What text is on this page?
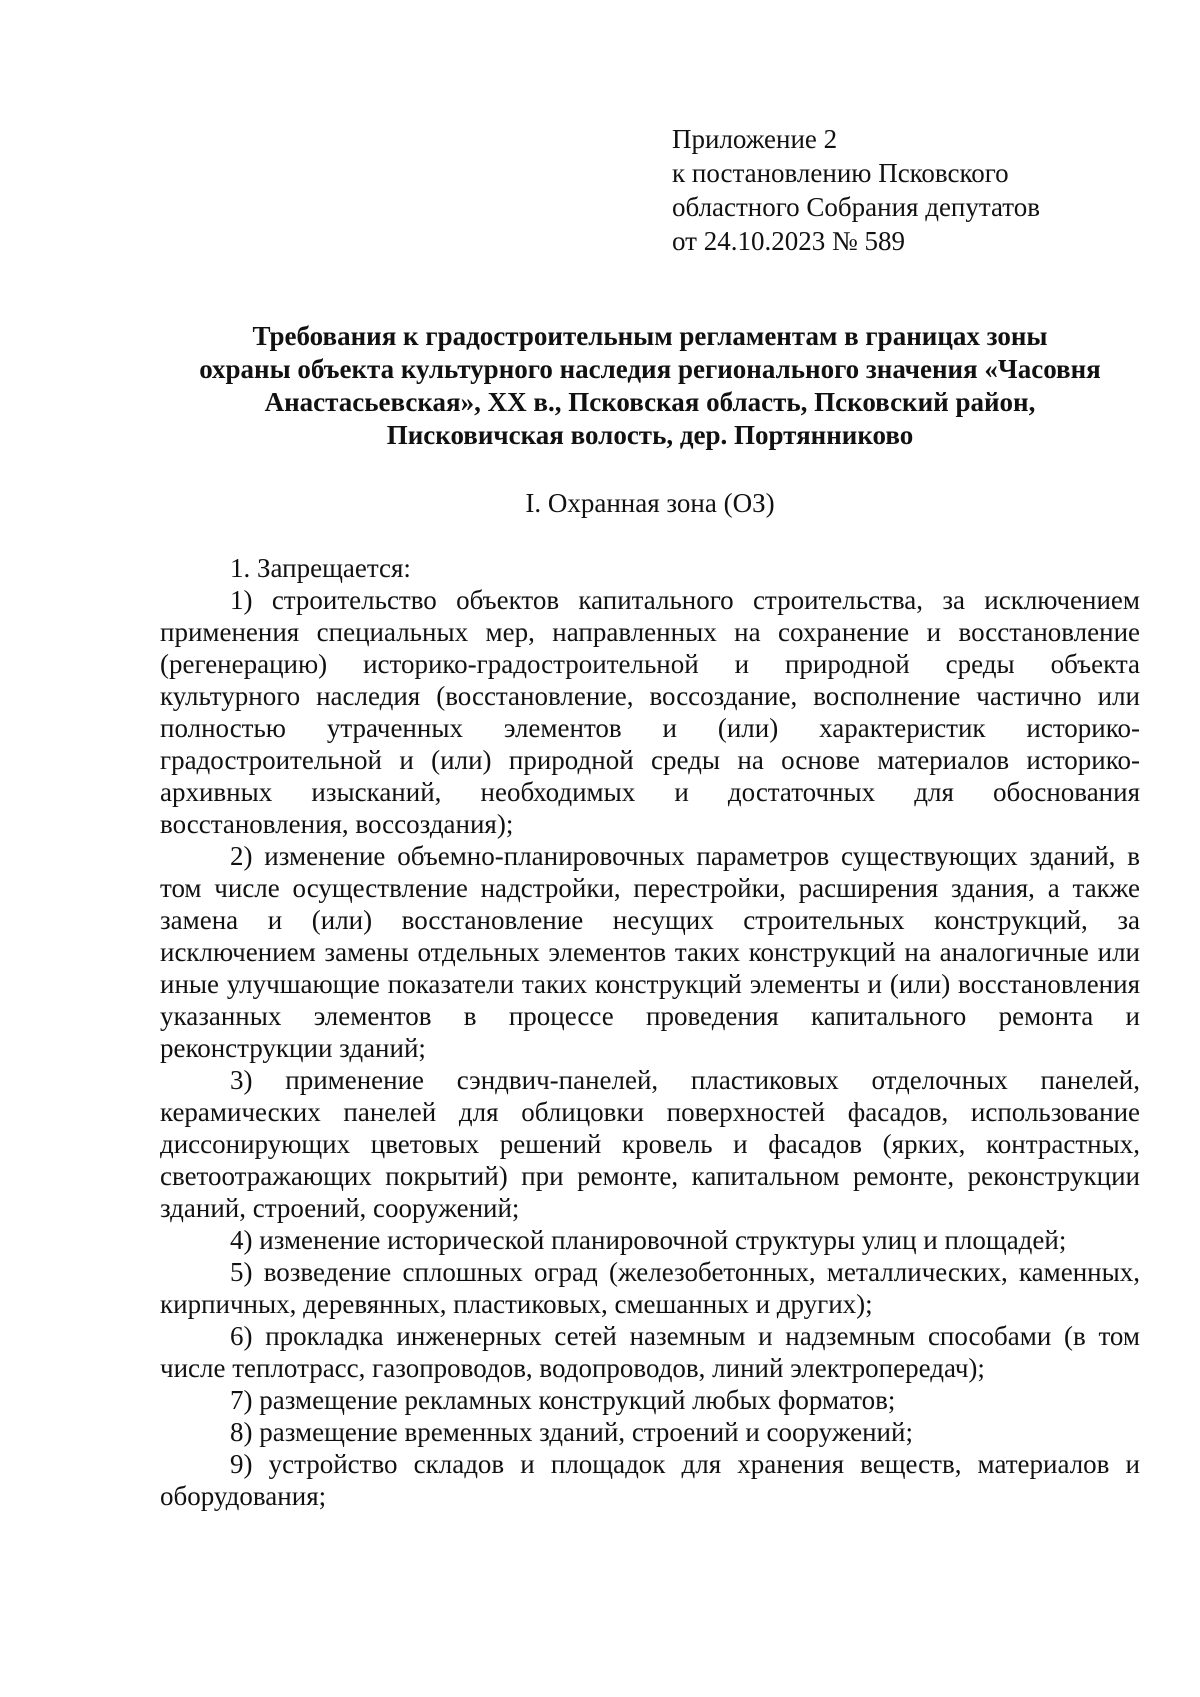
Приложение 2
к постановлению Псковского
областного Собрания депутатов
от 24.10.2023 № 589
Требования к градостроительным регламентам в границах зоны
охраны объекта культурного наследия регионального значения «Часовня
Анастасьевская», XX в., Псковская область, Псковский район,
Писковичская волость, дер. Портянниково
I. Охранная зона (ОЗ)

1. Запрещается:

1) строительство объектов капитального строительства, за исключением применения специальных мер, направленных на сохранение и восстановление (регенерацию) историко-градостроительной и природной среды объекта культурного наследия (восстановление, воссоздание, восполнение частично или полностью утраченных элементов и (или) характеристик историко-градостроительной и (или) природной среды на основе материалов историко-архивных изысканий, необходимых и достаточных для обоснования восстановления, воссоздания);

2) изменение объемно-планировочных параметров существующих зданий, в том числе осуществление надстройки, перестройки, расширения здания, а также замена и (или) восстановление несущих строительных конструкций, за исключением замены отдельных элементов таких конструкций на аналогичные или иные улучшающие показатели таких конструкций элементы и (или) восстановления указанных элементов в процессе проведения капитального ремонта и реконструкции зданий;

3) применение сэндвич-панелей, пластиковых отделочных панелей, керамических панелей для облицовки поверхностей фасадов, использование диссонирующих цветовых решений кровель и фасадов (ярких, контрастных, светоотражающих покрытий) при ремонте, капитальном ремонте, реконструкции зданий, строений, сооружений;

4) изменение исторической планировочной структуры улиц и площадей;

5) возведение сплошных оград (железобетонных, металлических, каменных, кирпичных, деревянных, пластиковых, смешанных и других);

6) прокладка инженерных сетей наземным и надземным способами (в том числе теплотрасс, газопроводов, водопроводов, линий электропередач);

7) размещение рекламных конструкций любых форматов;

8) размещение временных зданий, строений и сооружений;

9) устройство складов и площадок для хранения веществ, материалов и оборудования;
